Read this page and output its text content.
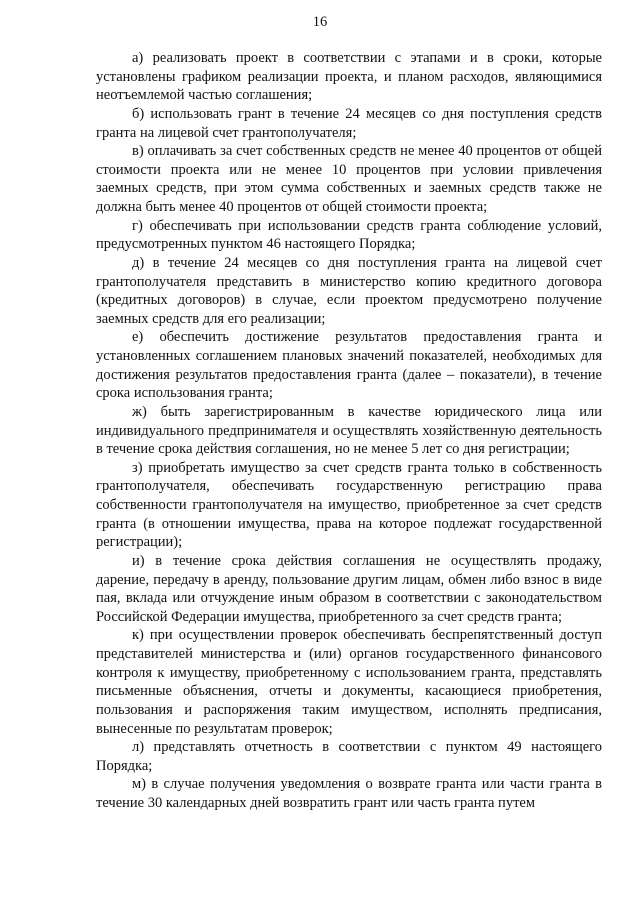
16

а) реализовать проект в соответствии с этапами и в сроки, которые установлены графиком реализации проекта, и планом расходов, являющимися неотъемлемой частью соглашения;

б) использовать грант в течение 24 месяцев со дня поступления средств гранта на лицевой счет грантополучателя;

в) оплачивать за счет собственных средств не менее 40 процентов от общей стоимости проекта или не менее 10 процентов при условии привлечения заемных средств, при этом сумма собственных и заемных средств также не должна быть менее 40 процентов от общей стоимости проекта;

г) обеспечивать при использовании средств гранта соблюдение условий, предусмотренных пунктом 46 настоящего Порядка;

д) в течение 24 месяцев со дня поступления гранта на лицевой счет грантополучателя представить в министерство копию кредитного договора (кредитных договоров) в случае, если проектом предусмотрено получение заемных средств для его реализации;

е) обеспечить достижение результатов предоставления гранта и установленных соглашением плановых значений показателей, необходимых для достижения результатов предоставления гранта (далее – показатели), в течение срока использования гранта;

ж) быть зарегистрированным в качестве юридического лица или индивидуального предпринимателя и осуществлять хозяйственную деятельность в течение срока действия соглашения, но не менее 5 лет со дня регистрации;

з) приобретать имущество за счет средств гранта только в собственность грантополучателя, обеспечивать государственную регистрацию права собственности грантополучателя на имущество, приобретенное за счет средств гранта (в отношении имущества, права на которое подлежат государственной регистрации);

и) в течение срока действия соглашения не осуществлять продажу, дарение, передачу в аренду, пользование другим лицам, обмен либо взнос в виде пая, вклада или отчуждение иным образом в соответствии с законодательством Российской Федерации имущества, приобретенного за счет средств гранта;

к) при осуществлении проверок обеспечивать беспрепятственный доступ представителей министерства и (или) органов государственного финансового контроля к имуществу, приобретенному с использованием гранта, представлять письменные объяснения, отчеты и документы, касающиеся приобретения, пользования и распоряжения таким имуществом, исполнять предписания, вынесенные по результатам проверок;

л) представлять отчетность в соответствии с пунктом 49 настоящего Порядка;

м) в случае получения уведомления о возврате гранта или части гранта в течение 30 календарных дней возвратить грант или часть гранта путем
